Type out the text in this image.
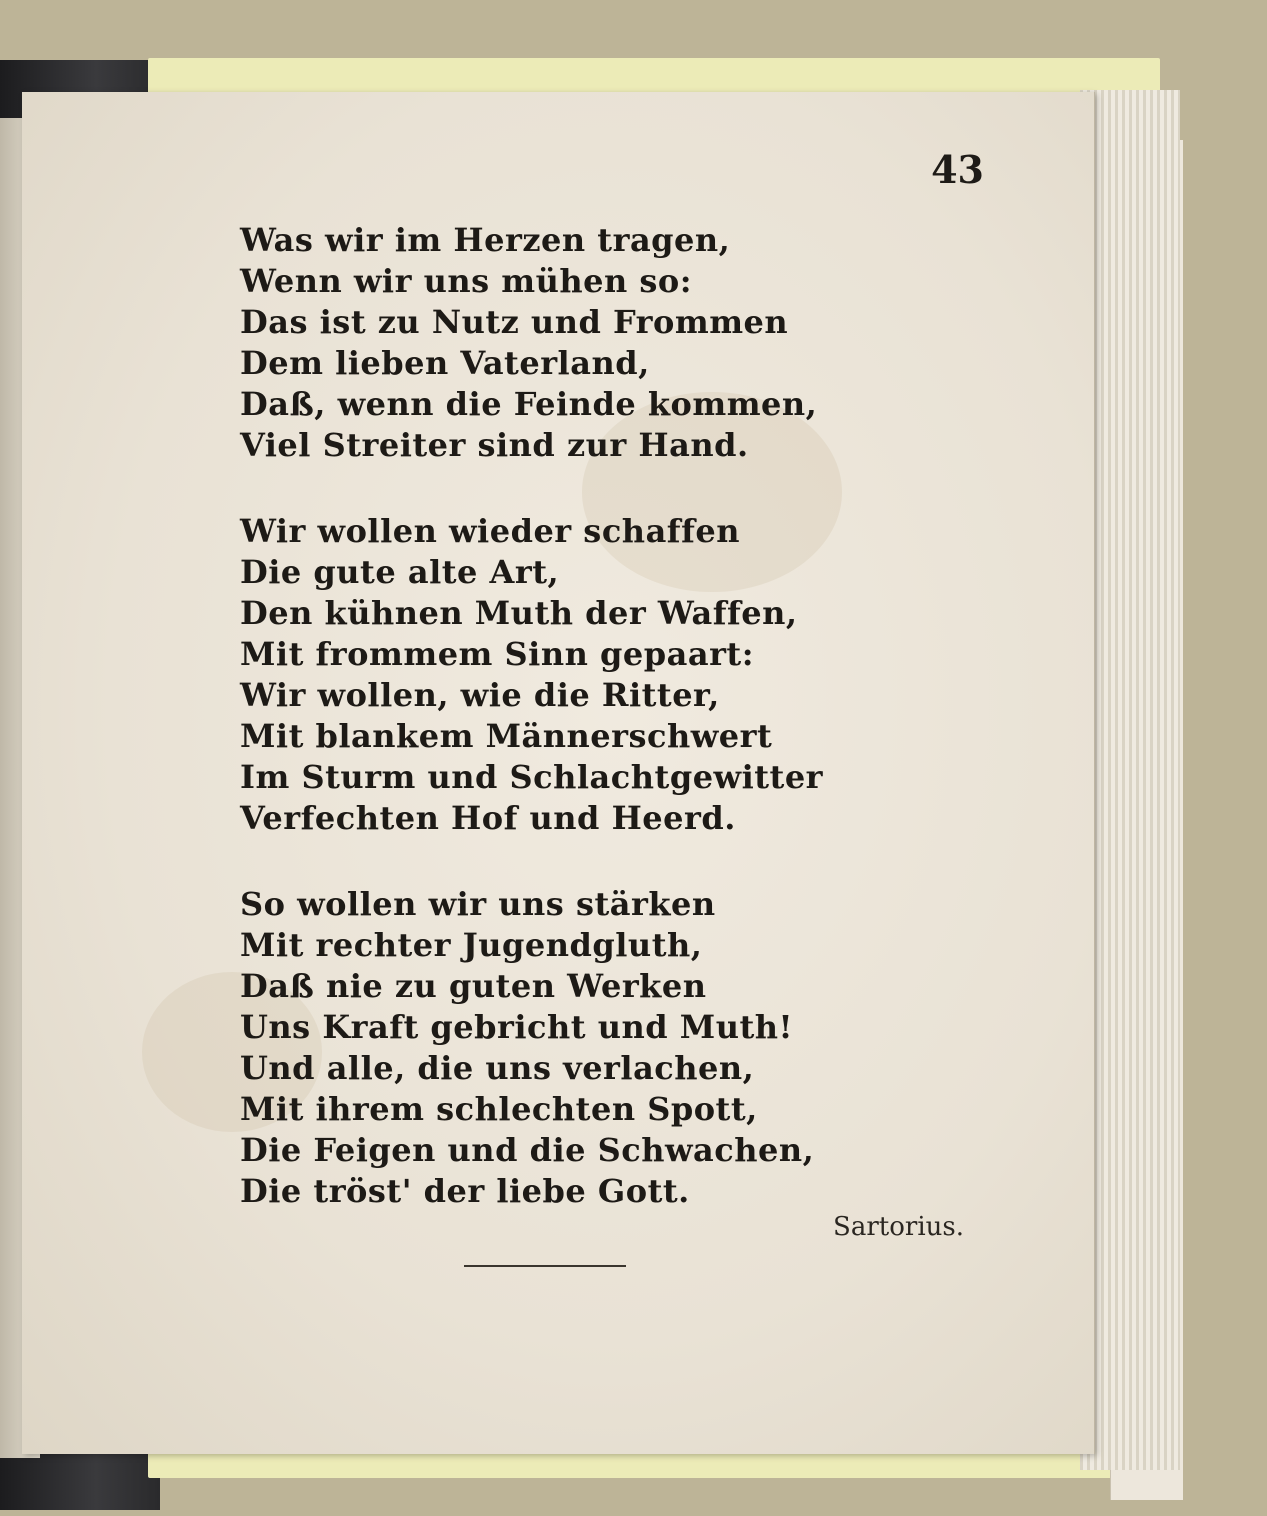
43
Was wir im Herzen tragen,
Wenn wir uns mühen so:
Das ist zu Nutz und Frommen
Dem lieben Vaterland,
Daß, wenn die Feinde kommen,
Viel Streiter sind zur Hand.
Wir wollen wieder schaffen
Die gute alte Art,
Den kühnen Muth der Waffen,
Mit frommem Sinn gepaart:
Wir wollen, wie die Ritter,
Mit blankem Männerschwert
Im Sturm und Schlachtgewitter
Verfechten Hof und Heerd.
So wollen wir uns stärken
Mit rechter Jugendgluth,
Daß nie zu guten Werken
Uns Kraft gebricht und Muth!
Und alle, die uns verlachen,
Mit ihrem schlechten Spott,
Die Feigen und die Schwachen,
Die tröst' der liebe Gott.
Sartorius.
